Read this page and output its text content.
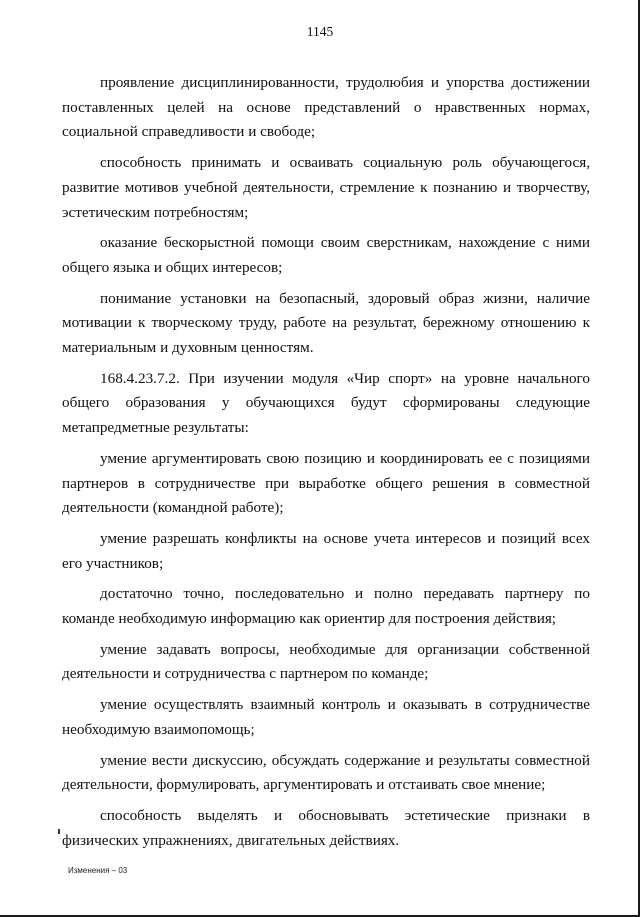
1145

проявление дисциплинированности, трудолюбия и упорства достижении поставленных целей на основе представлений о нравственных нормах, социальной справедливости и свободе;

способность принимать и осваивать социальную роль обучающегося, развитие мотивов учебной деятельности, стремление к познанию и творчеству, эстетическим потребностям;

оказание бескорыстной помощи своим сверстникам, нахождение с ними общего языка и общих интересов;

понимание установки на безопасный, здоровый образ жизни, наличие мотивации к творческому труду, работе на результат, бережному отношению к материальным и духовным ценностям.

168.4.23.7.2. При изучении модуля «Чир спорт» на уровне начального общего образования у обучающихся будут сформированы следующие метапредметные результаты:

умение аргументировать свою позицию и координировать ее с позициями партнеров в сотрудничестве при выработке общего решения в совместной деятельности (командной работе);

умение разрешать конфликты на основе учета интересов и позиций всех его участников;

достаточно точно, последовательно и полно передавать партнеру по команде необходимую информацию как ориентир для построения действия;

умение задавать вопросы, необходимые для организации собственной деятельности и сотрудничества с партнером по команде;

умение осуществлять взаимный контроль и оказывать в сотрудничестве необходимую взаимопомощь;

умение вести дискуссию, обсуждать содержание и результаты совместной деятельности, формулировать, аргументировать и отстаивать свое мнение;

способность выделять и обосновывать эстетические признаки в физических упражнениях, двигательных действиях.

Изменения – 03
